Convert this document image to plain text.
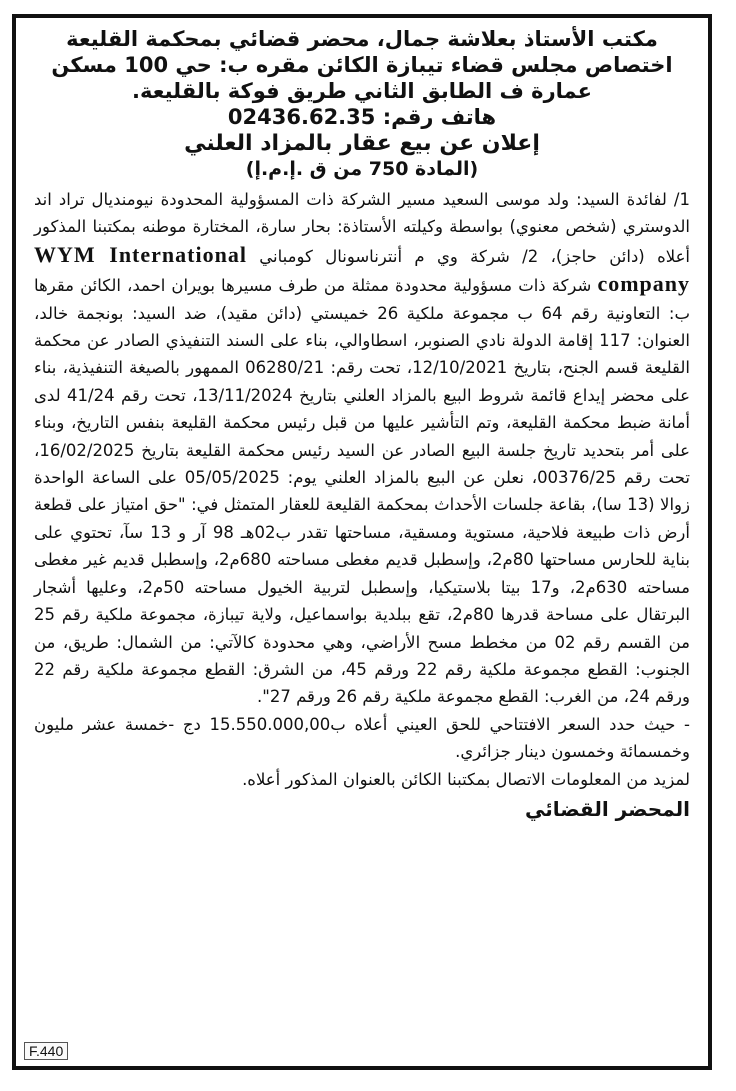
مكتب الأستاذ بعلاشة جمال، محضر قضائي بمحكمة القليعة

اختصاص مجلس قضاء تيبازة الكائن مقره ب: حي 100 مسكن

عمارة ف الطابق الثاني طريق فوكة بالقليعة.

هاتف رقم: 02436.62.35

إعلان عن بيع عقار بالمزاد العلني

(المادة 750 من ق .إ.م.إ)

1/ لفائدة السيد: ولد موسى السعيد مسير الشركة ذات المسؤولية المحدودة نيومنديال تراد اند الدوستري (شخص معنوي) بواسطة وكيلته الأستاذة: بحار سارة، المختارة موطنه بمكتبنا المذكور أعلاه (دائن حاجز)، 2/ شركة وي م أنترناسونال كومباني WYM International company شركة ذات مسؤولية محدودة ممثلة من طرف مسيرها بويران احمد، الكائن مقرها ب: التعاونية رقم 64 ب مجموعة ملكية 26 خميستي (دائن مقيد)، ضد السيد: بونجمة خالد، العنوان: 117 إقامة الدولة نادي الصنوبر، اسطاوالي، بناء على السند التنفيذي الصادر عن محكمة القليعة قسم الجنح، بتاريخ 12/10/2021، تحت رقم: 06280/21 الممهور بالصيغة التنفيذية، بناء على محضر إيداع قائمة شروط البيع بالمزاد العلني بتاريخ 13/11/2024، تحت رقم 41/24 لدى أمانة ضبط محكمة القليعة، وتم التأشير عليها من قبل رئيس محكمة القليعة بنفس التاريخ، وبناء على أمر بتحديد تاريخ جلسة البيع الصادر عن السيد رئيس محكمة القليعة بتاريخ 16/02/2025، تحت رقم 00376/25، نعلن عن البيع بالمزاد العلني يوم: 05/05/2025 على الساعة الواحدة زوالا (13 سا)، بقاعة جلسات الأحداث بمحكمة القليعة للعقار المتمثل في: "حق امتياز على قطعة أرض ذات طبيعة فلاحية، مستوية ومسقية، مساحتها تقدر ب02هـ 98 آر و 13 سآ، تحتوي على بناية للحارس مساحتها 80م2، وإسطبل قديم مغطى مساحته 680م2، وإسطبل قديم غير مغطى مساحته 630م2، و17 بيتا بلاستيكيا، وإسطبل لتربية الخيول مساحته 50م2، وعليها أشجار البرتقال على مساحة قدرها 80م2، تقع ببلدية بواسماعيل، ولاية تيبازة، مجموعة ملكية رقم 25 من القسم رقم 02 من مخطط مسح الأراضي، وهي محدودة كالآتي: من الشمال: طريق، من الجنوب: القطع مجموعة ملكية رقم 22 ورقم 45، من الشرق: القطع مجموعة ملكية رقم 22 ورقم 24، من الغرب: القطع مجموعة ملكية رقم 26 ورقم 27".

- حيث حدد السعر الافتتاحي للحق العيني أعلاه ب15.550.000,00 دج -خمسة عشر مليون وخمسمائة وخمسون دينار جزائري.

لمزيد من المعلومات الاتصال بمكتبنا الكائن بالعنوان المذكور أعلاه.

المحضر القضائي

F.440
